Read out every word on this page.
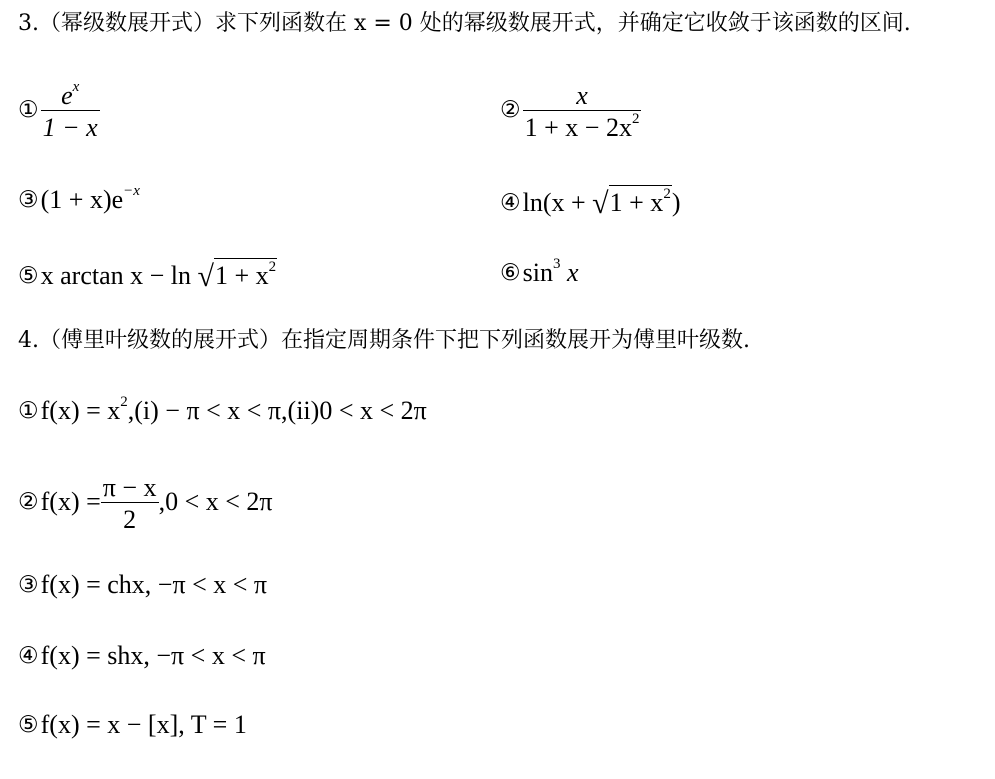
3.（幂级数展开式）求下列函数在 x = 0 处的幂级数展开式，并确定它收敛于该函数的区间.
① $\frac{e^x}{1 - x}$	② $\frac{x}{1 + x - 2x^2}$
③(1 + $x)e^{-x}$	④ln(x + $√1 + x^2$)
⑤x $\arctan x - \ln √1 + x^2$	$⑥\sin^3$ x
4.（傅里叶级数的展开式）在指定周期条件下把下列函数展开为傅里叶级数.
①f(x) = $x^2,(i) - \pi < x < \pi,(ii)0 < x < 2\pi$
②f(x) = $\frac{\pi - x}{2} ,0 < x < 2\pi$
③f(x) = chx, −π < x < π
④f(x) = shx, −π < x < π
⑤f(x) = x − [x], T = 1
